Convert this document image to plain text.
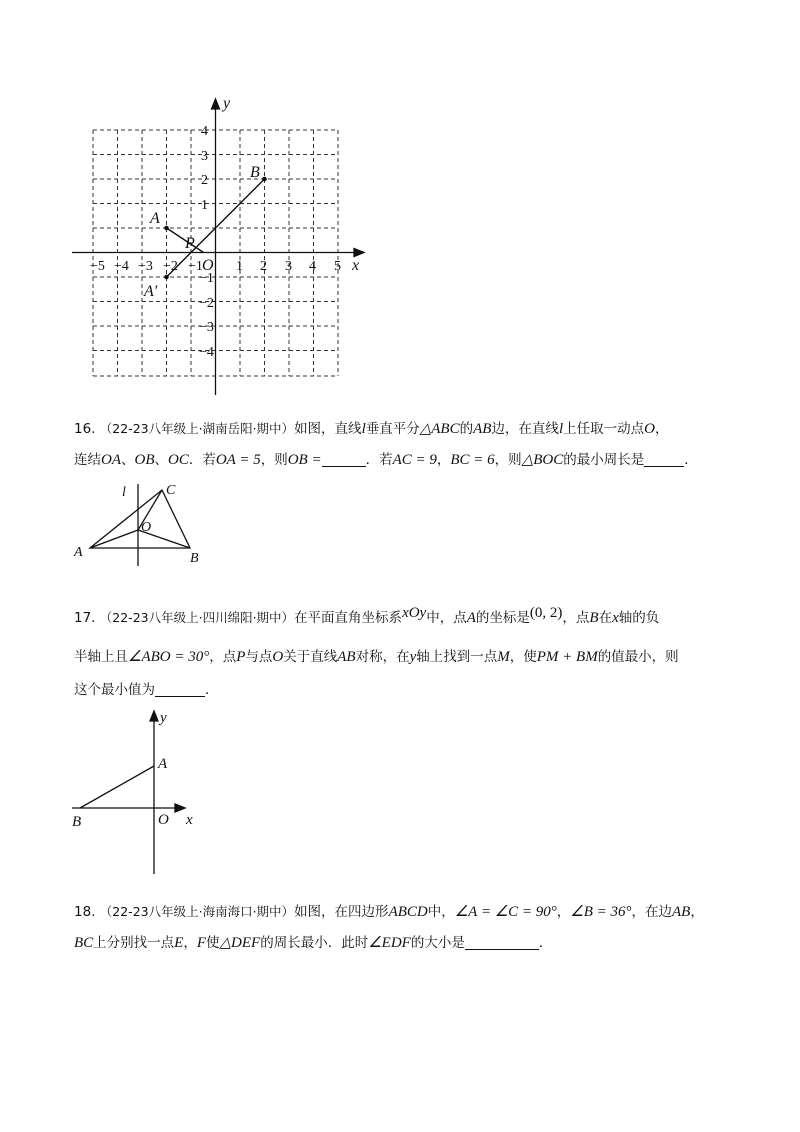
−5 −4 −3 −2 −1 1 2 3 4 5
4
3
2
1
−1
−2
−3
−4
O	x
y
A
B
P
A′
16. （22-23八年级上·湖南岳阳·期中）如图，直线l垂直平分△ABC的AB边，在直线l上任取一动点O，
连结OA、OB、OC．若OA = 5，则OB =	．若AC = 9，BC = 6，则△BOC的最小周长是	．
l
A	B
C
O
17. （22-23八年级上·四川绵阳·期中）在平面直角坐标系xOy中，点A的坐标是(0, 2)，点B在x轴的负
半轴上且∠ABO = 30°，点P与点O关于直线AB对称，在y轴上找到一点M，使PM + BM的值最小，则
这个最小值为	．
y
x
A
B	O
18. （22-23八年级上·海南海口·期中）如图，在四边形ABCD中，∠A = ∠C = 90°，∠B = 36°，在边AB，
BC上分别找一点E，F使△DEF的周长最小．此时∠EDF的大小是	．
